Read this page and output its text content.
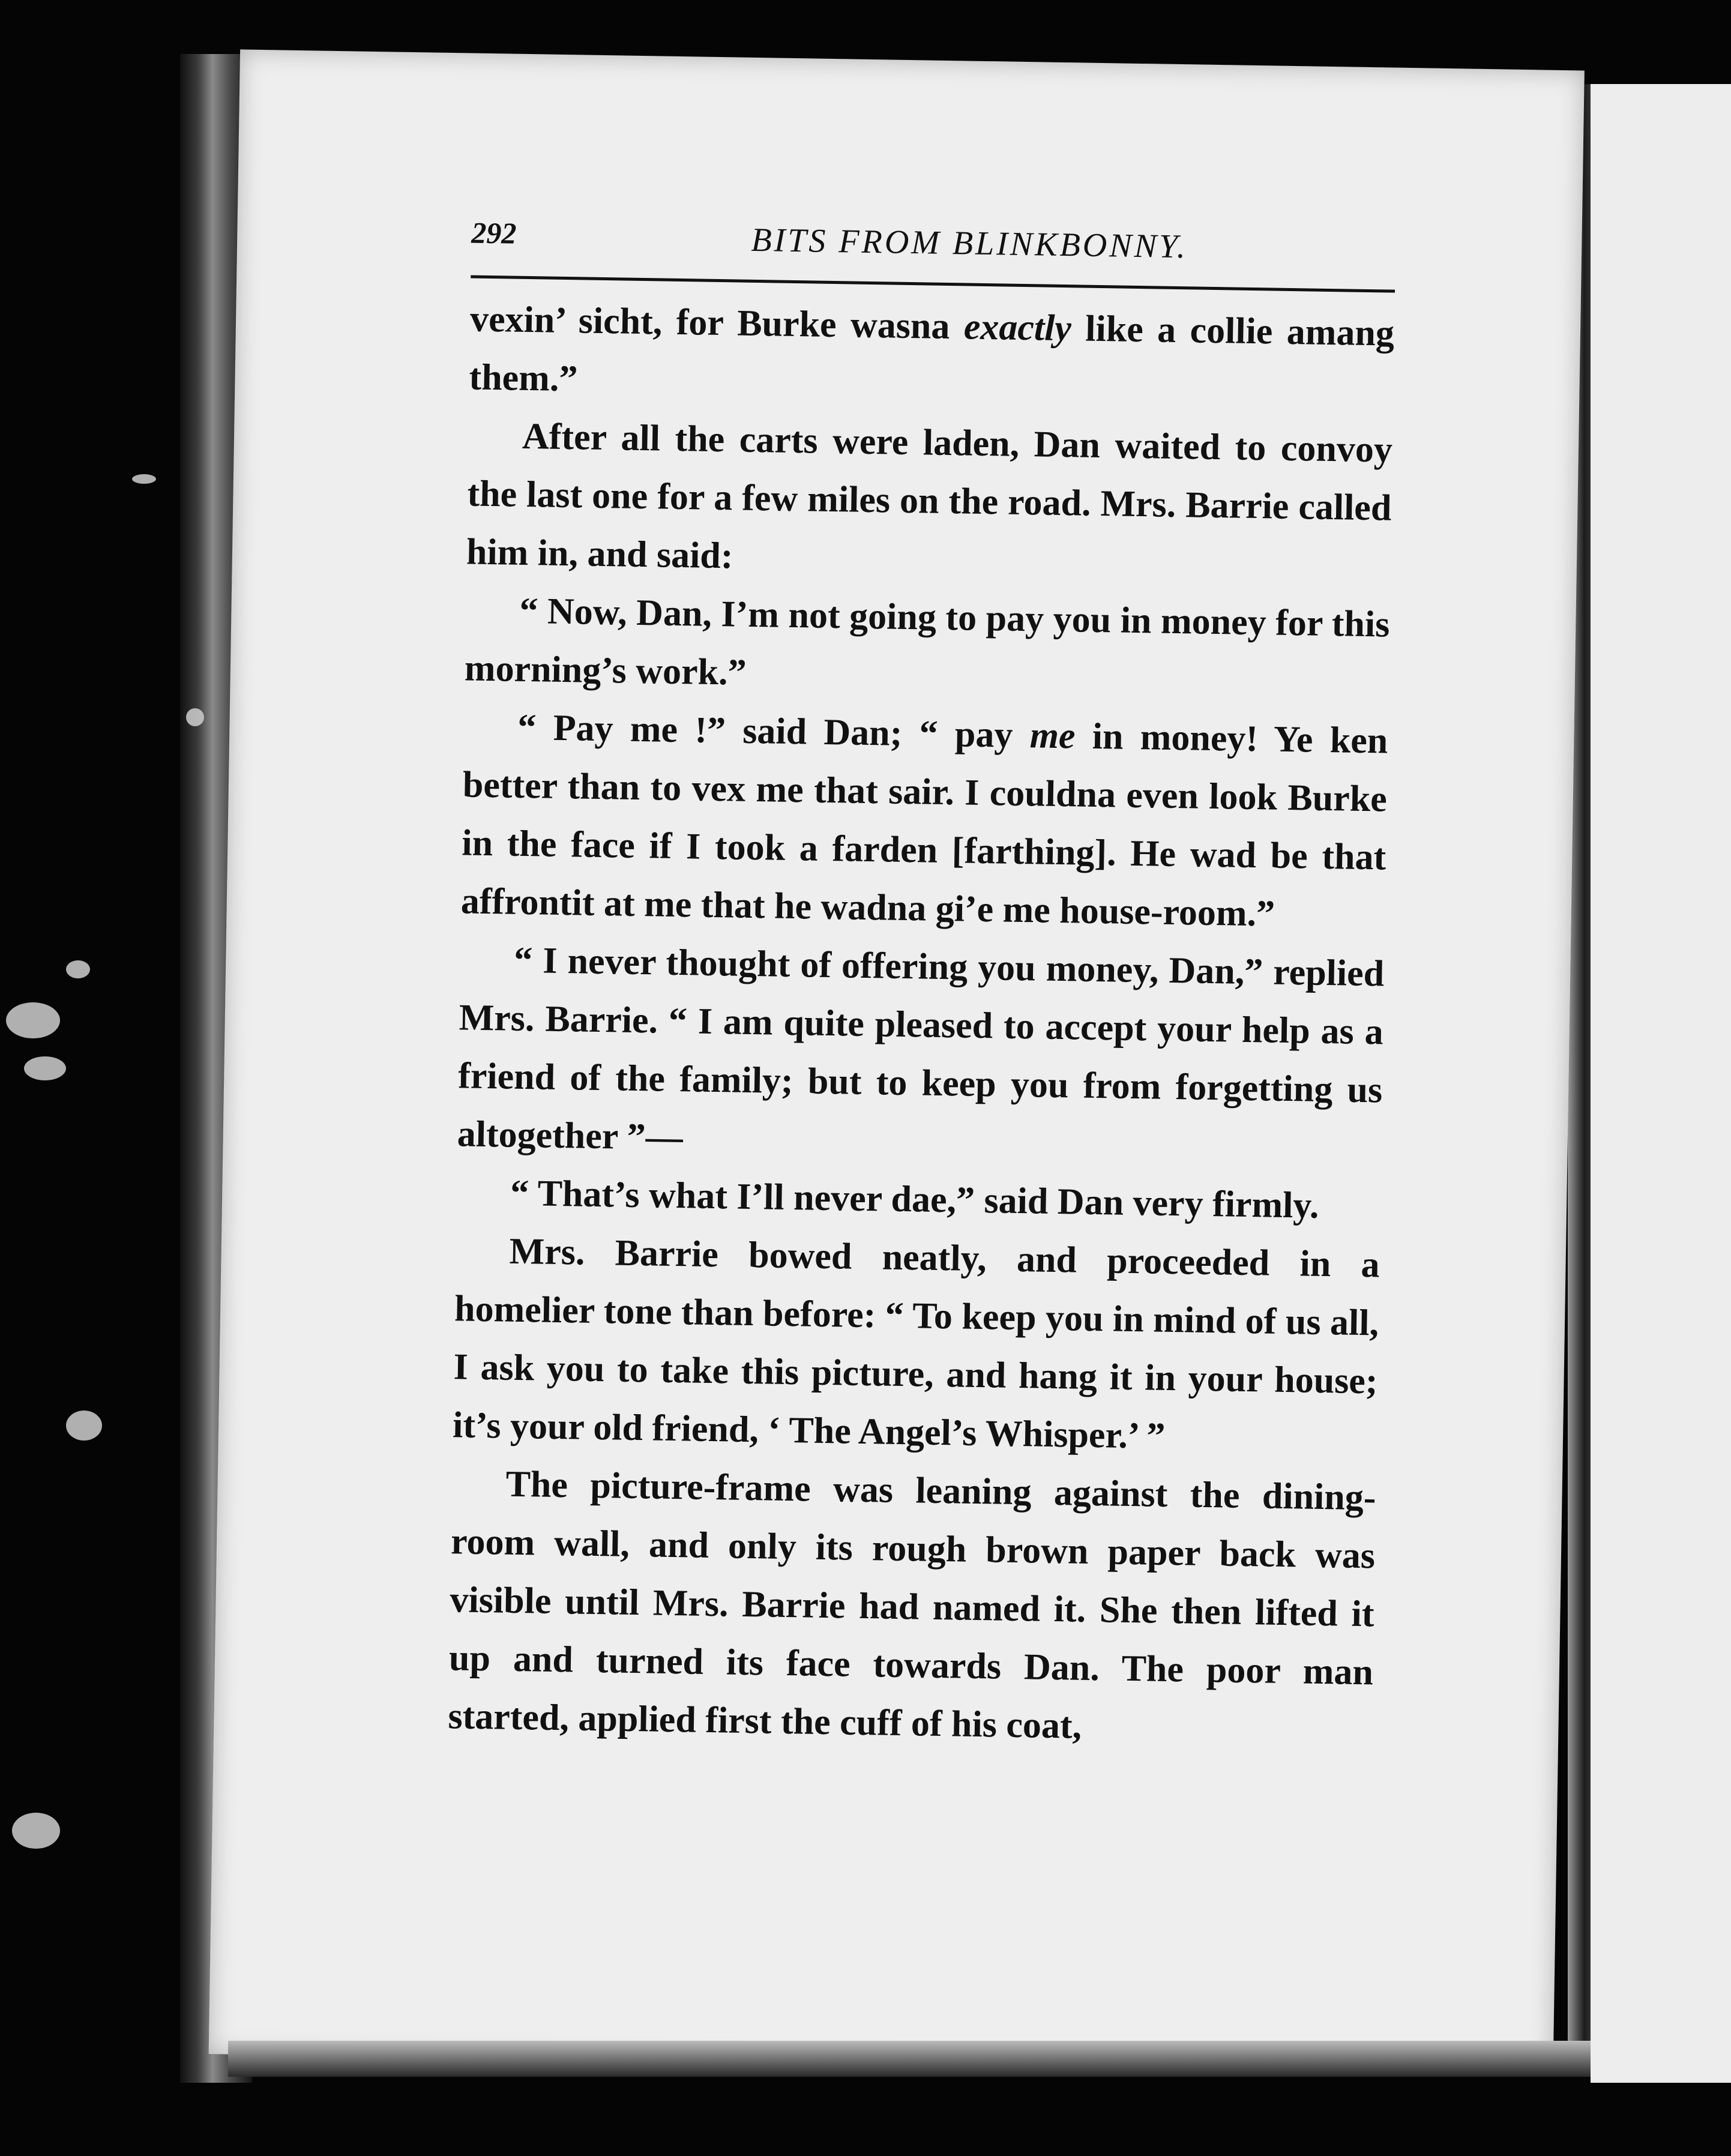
292	BITS FROM BLINKBONNY.

vexin’ sicht, for Burke wasna exactly like a collie amang them.”

After all the carts were laden, Dan waited to convoy the last one for a few miles on the road. Mrs. Barrie called him in, and said:

“ Now, Dan, I’m not going to pay you in money for this morning’s work.”

“ Pay me !” said Dan; “ pay me in money! Ye ken better than to vex me that sair. I couldna even look Burke in the face if I took a farden [farthing]. He wad be that affrontit at me that he wadna gi’e me house-room.”

“ I never thought of offering you money, Dan,” replied Mrs. Barrie. “ I am quite pleased to accept your help as a friend of the family; but to keep you from forgetting us altogether ”—

“ That’s what I’ll never dae,” said Dan very firmly.

Mrs. Barrie bowed neatly, and proceeded in a homelier tone than before: “ To keep you in mind of us all, I ask you to take this picture, and hang it in your house; it’s your old friend, ‘ The Angel’s Whisper.’ ”

The picture-frame was leaning against the dining-room wall, and only its rough brown paper back was visible until Mrs. Barrie had named it. She then lifted it up and turned its face towards Dan. The poor man started, applied first the cuff of his coat,
